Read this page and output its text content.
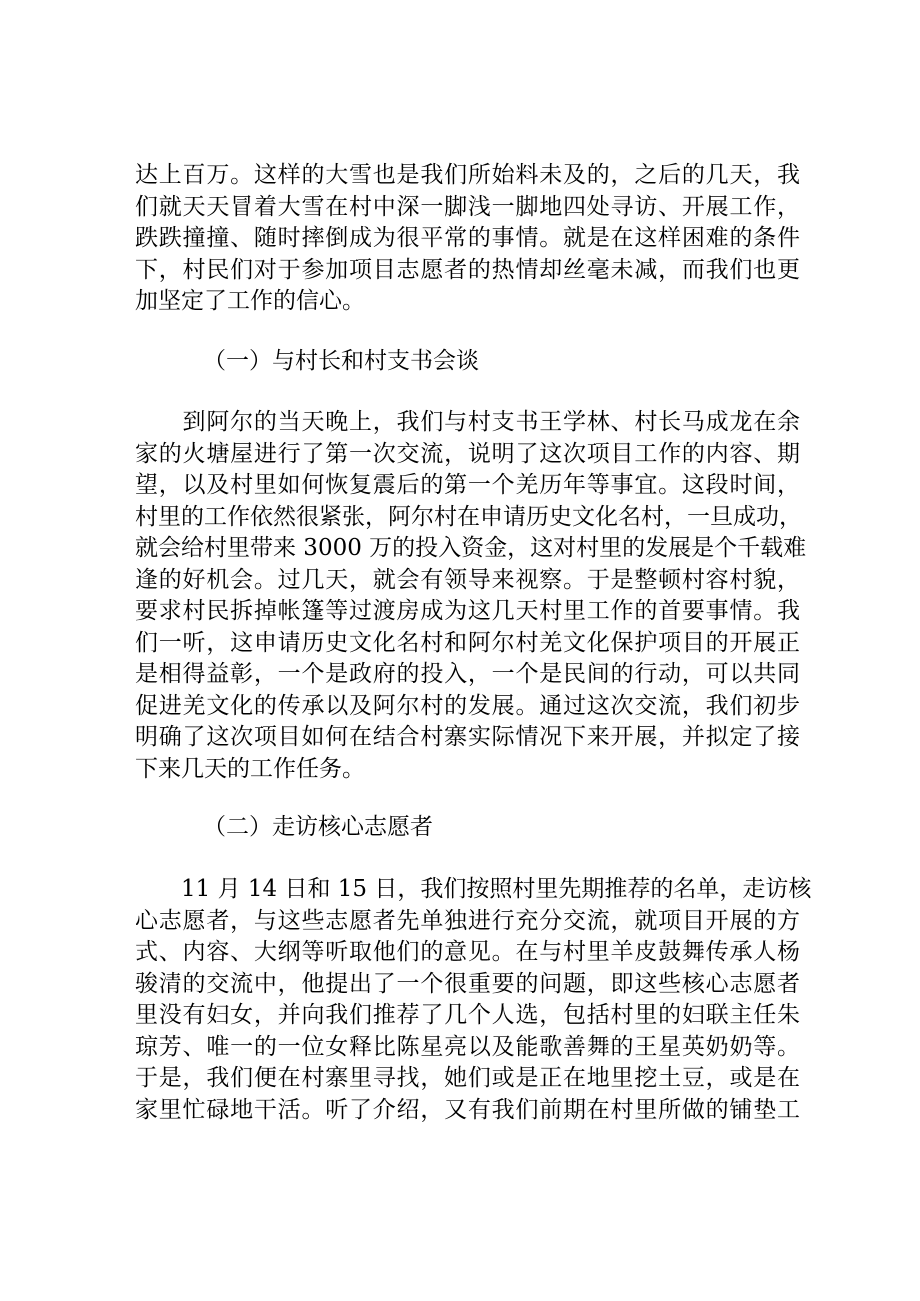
达上百万。这样的大雪也是我们所始料未及的，之后的几天，我
们就天天冒着大雪在村中深一脚浅一脚地四处寻访、开展工作，
跌跌撞撞、随时摔倒成为很平常的事情。就是在这样困难的条件
下，村民们对于参加项目志愿者的热情却丝毫未减，而我们也更
加坚定了工作的信心。
（一）与村长和村支书会谈
　　到阿尔的当天晚上，我们与村支书王学林、村长马成龙在余
家的火塘屋进行了第一次交流，说明了这次项目工作的内容、期
望，以及村里如何恢复震后的第一个羌历年等事宜。这段时间，
村里的工作依然很紧张，阿尔村在申请历史文化名村，一旦成功，
就会给村里带来 3000 万的投入资金，这对村里的发展是个千载难
逢的好机会。过几天，就会有领导来视察。于是整顿村容村貌，
要求村民拆掉帐篷等过渡房成为这几天村里工作的首要事情。我
们一听，这申请历史文化名村和阿尔村羌文化保护项目的开展正
是相得益彰，一个是政府的投入，一个是民间的行动，可以共同
促进羌文化的传承以及阿尔村的发展。通过这次交流，我们初步
明确了这次项目如何在结合村寨实际情况下来开展，并拟定了接
下来几天的工作任务。
（二）走访核心志愿者
　　11 月 14 日和 15 日，我们按照村里先期推荐的名单，走访核
心志愿者，与这些志愿者先单独进行充分交流，就项目开展的方
式、内容、大纲等听取他们的意见。在与村里羊皮鼓舞传承人杨
骏清的交流中，他提出了一个很重要的问题，即这些核心志愿者
里没有妇女，并向我们推荐了几个人选，包括村里的妇联主任朱
琼芳、唯一的一位女释比陈星亮以及能歌善舞的王星英奶奶等。
于是，我们便在村寨里寻找，她们或是正在地里挖土豆，或是在
家里忙碌地干活。听了介绍，又有我们前期在村里所做的铺垫工
